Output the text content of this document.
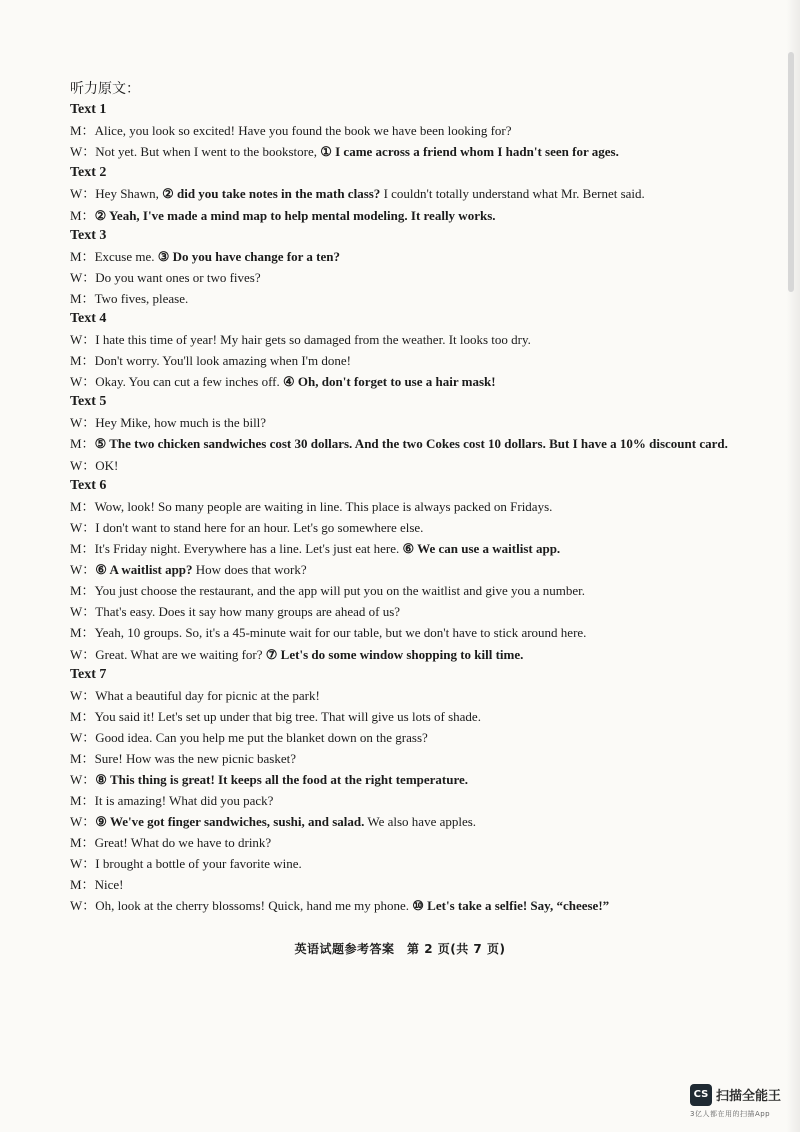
听力原文：
Text 1
M：Alice, you look so excited! Have you found the book we have been looking for?
W：Not yet. But when I went to the bookstore, ① I came across a friend whom I hadn't seen for ages.
Text 2
W：Hey Shawn, ② did you take notes in the math class? I couldn't totally understand what Mr. Bernet said.
M：② Yeah, I've made a mind map to help mental modeling. It really works.
Text 3
M：Excuse me. ③ Do you have change for a ten?
W：Do you want ones or two fives?
M：Two fives, please.
Text 4
W：I hate this time of year! My hair gets so damaged from the weather. It looks too dry.
M：Don't worry. You'll look amazing when I'm done!
W：Okay. You can cut a few inches off. ④ Oh, don't forget to use a hair mask!
Text 5
W：Hey Mike, how much is the bill?
M：⑤ The two chicken sandwiches cost 30 dollars. And the two Cokes cost 10 dollars. But I have a 10% discount card.
W：OK!
Text 6
M：Wow, look! So many people are waiting in line. This place is always packed on Fridays.
W：I don't want to stand here for an hour. Let's go somewhere else.
M：It's Friday night. Everywhere has a line. Let's just eat here. ⑥ We can use a waitlist app.
W：⑥ A waitlist app? How does that work?
M：You just choose the restaurant, and the app will put you on the waitlist and give you a number.
W：That's easy. Does it say how many groups are ahead of us?
M：Yeah, 10 groups. So, it's a 45-minute wait for our table, but we don't have to stick around here.
W：Great. What are we waiting for? ⑦ Let's do some window shopping to kill time.
Text 7
W：What a beautiful day for picnic at the park!
M：You said it! Let's set up under that big tree. That will give us lots of shade.
W：Good idea. Can you help me put the blanket down on the grass?
M：Sure! How was the new picnic basket?
W：⑧ This thing is great! It keeps all the food at the right temperature.
M：It is amazing! What did you pack?
W：⑨ We've got finger sandwiches, sushi, and salad. We also have apples.
M：Great! What do we have to drink?
W：I brought a bottle of your favorite wine.
M：Nice!
W：Oh, look at the cherry blossoms! Quick, hand me my phone. ⑩ Let's take a selfie! Say, “cheese!”
英语试题参考答案　第 2 页(共 7 页)
CS 扫描全能王
3亿人都在用的扫描App
